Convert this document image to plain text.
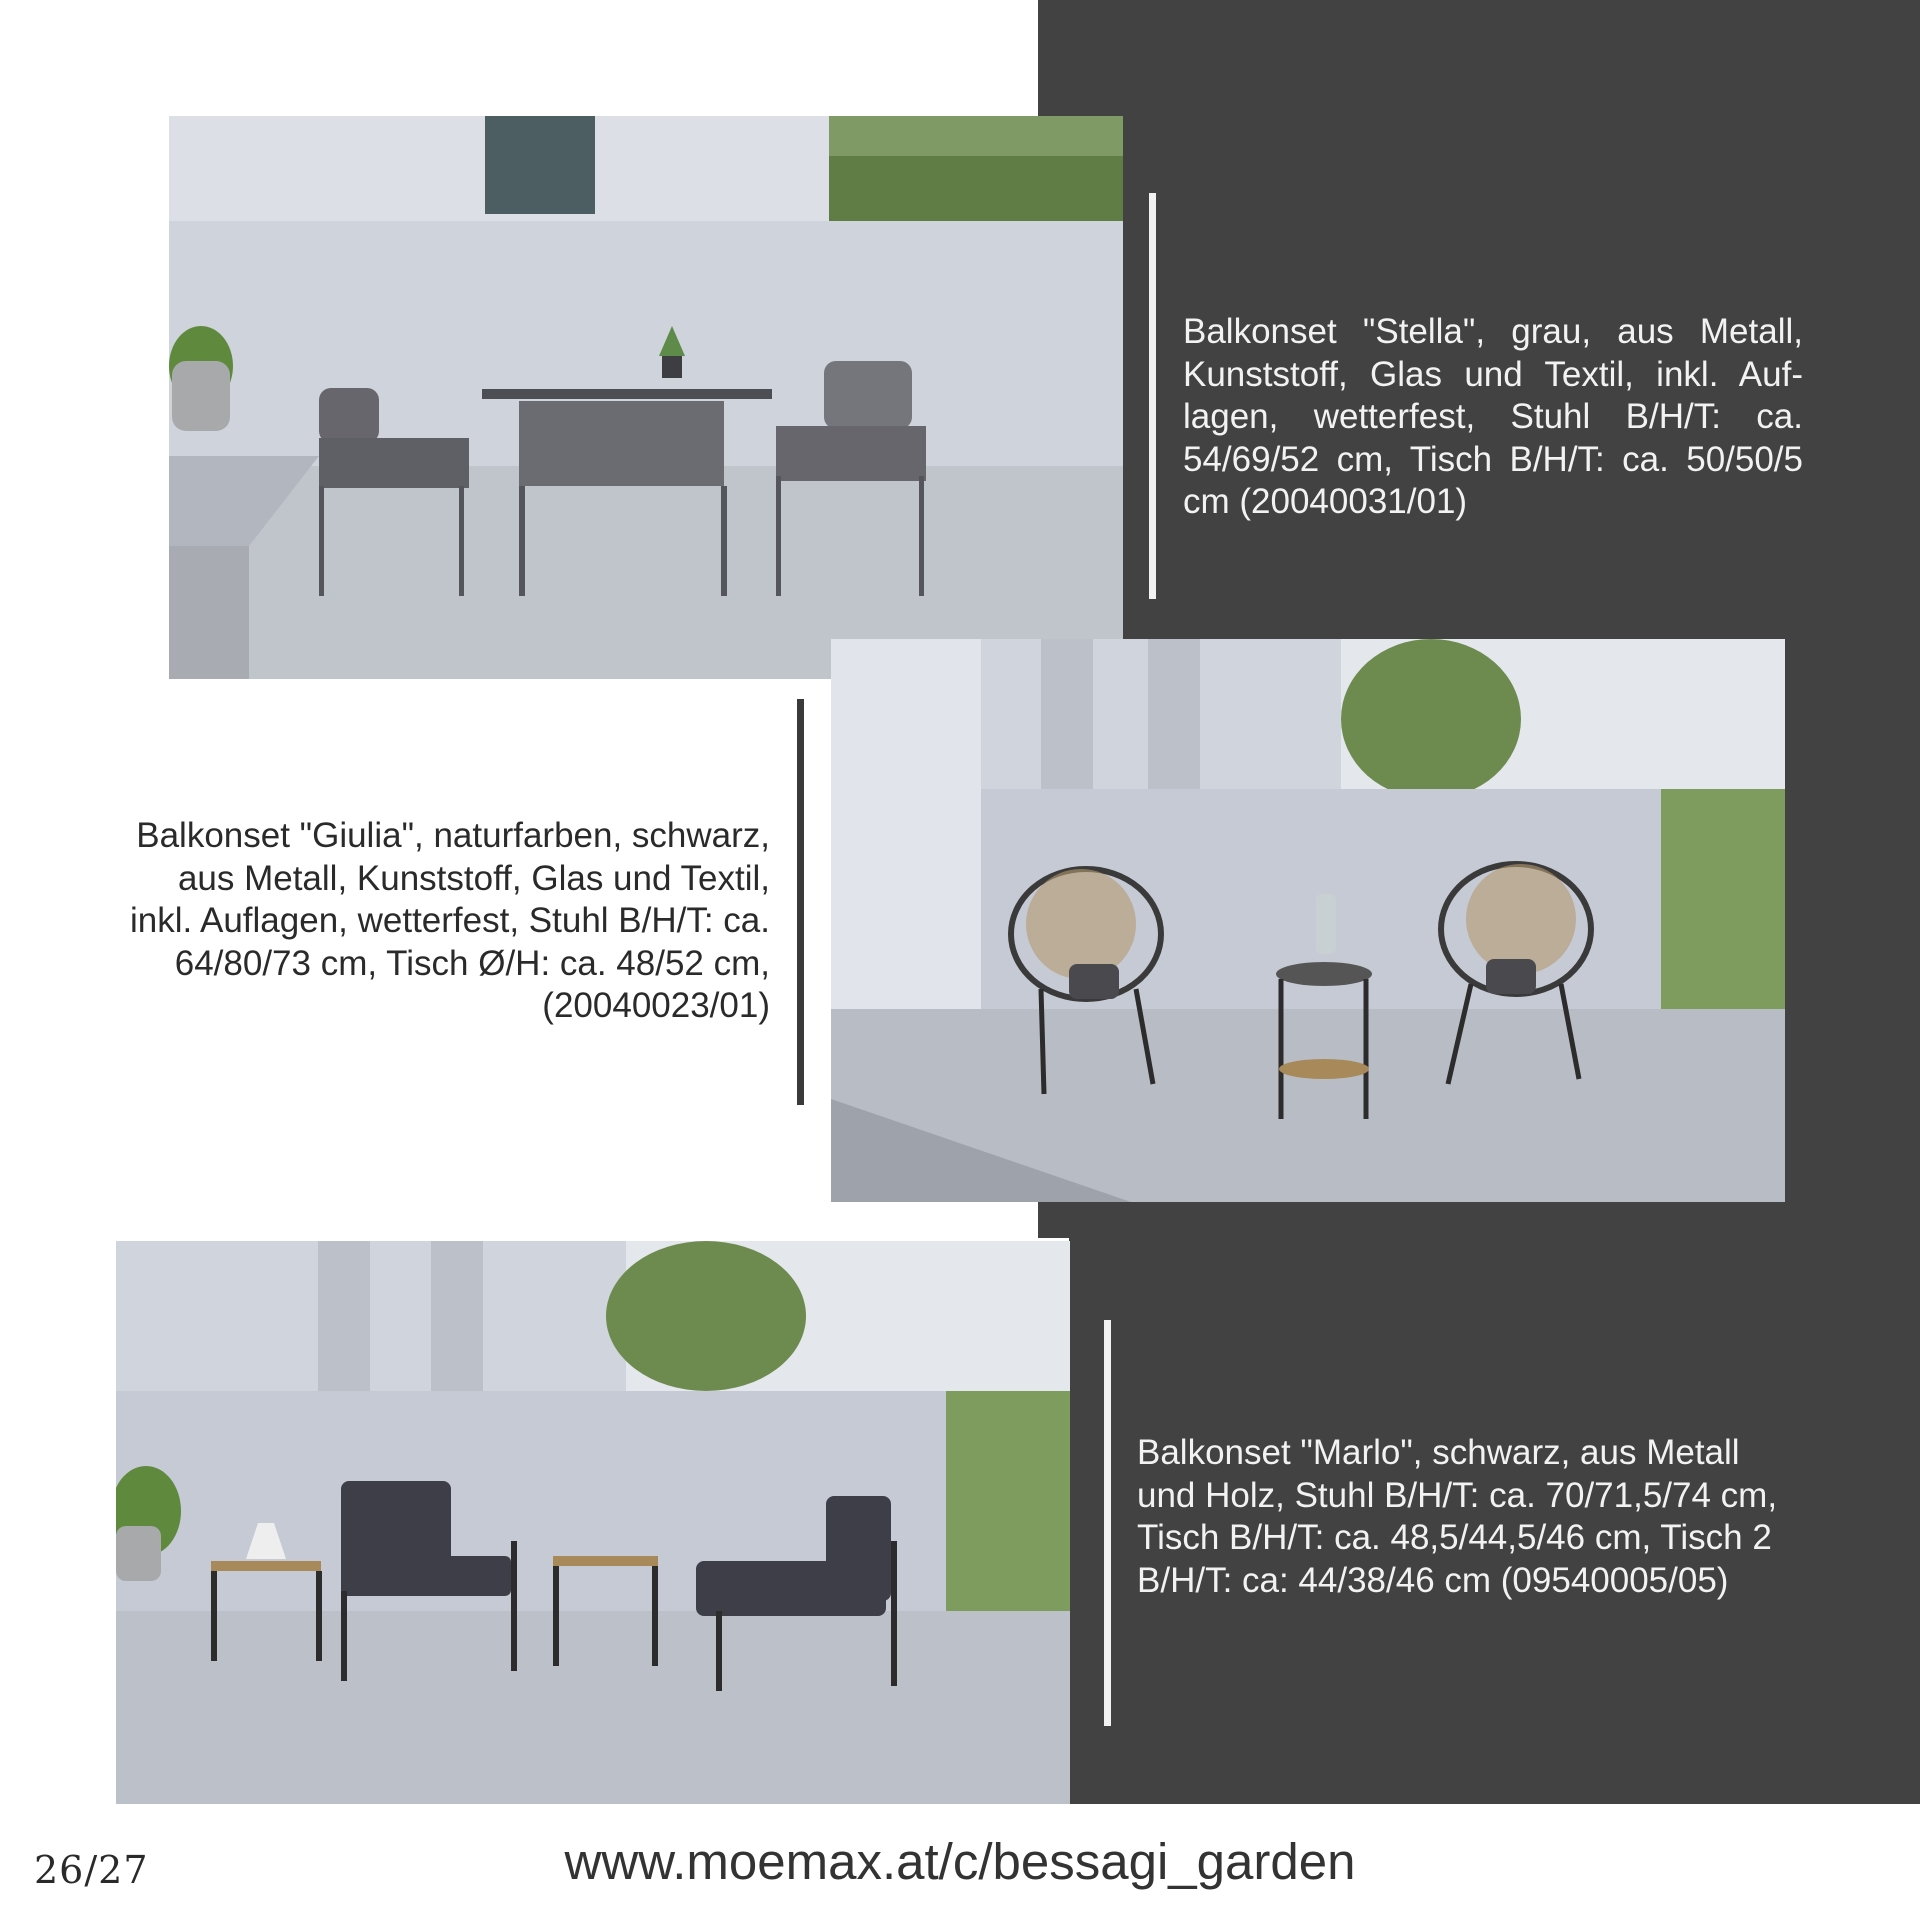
Balkonset "Stella", grau, aus Metall, Kunststoff, Glas und Textil, inkl. Auflagen, wetterfest, Stuhl B/H/T: ca. 54/69/52 cm, Tisch B/H/T: ca. 50/50/5 cm (20040031/01)
Balkonset "Giulia", naturfarben, schwarz, aus Metall, Kunststoff, Glas und Textil, inkl. Auflagen, wetterfest, Stuhl B/H/T: ca. 64/80/73 cm, Tisch Ø/H: ca. 48/52 cm, (20040023/01)
Balkonset "Marlo", schwarz, aus Metall und Holz, Stuhl B/H/T: ca. 70/71,5/74 cm, Tisch B/H/T: ca. 48,5/44,5/46 cm, Tisch 2 B/H/T: ca: 44/38/46 cm (09540005/05)
26/27	www.moemax.at/c/bessagi_garden
